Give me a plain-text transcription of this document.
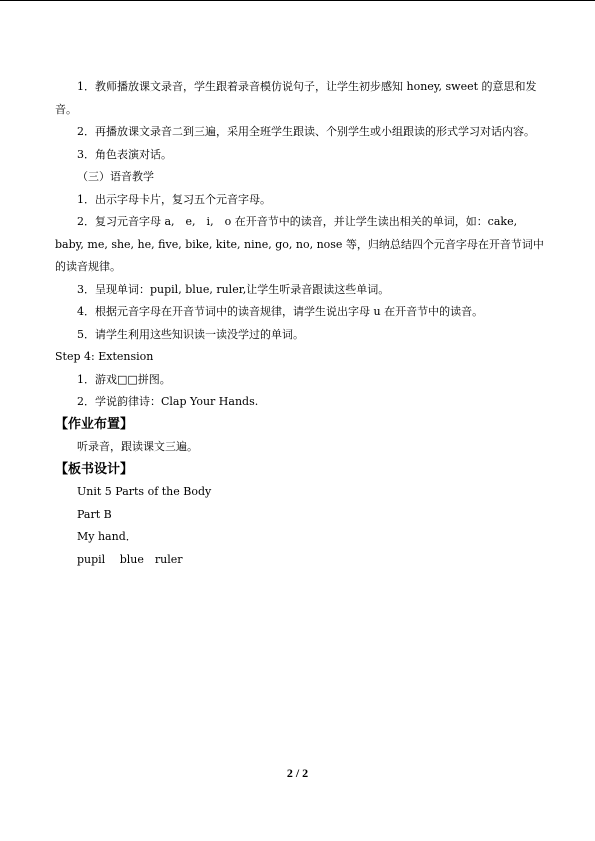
1．教师播放课文录音，学生跟着录音模仿说句子，让学生初步感知 honey, sweet 的意思和发音。

2．再播放课文录音二到三遍，采用全班学生跟读、个别学生或小组跟读的形式学习对话内容。

3．角色表演对话。

（三）语音教学

1．出示字母卡片，复习五个元音字母。

2．复习元音字母 a,　e,　i,　o 在开音节中的读音，并让学生读出相关的单词，如：cake, baby, me, she, he, five, bike, kite, nine, go, no, nose 等，归纳总结四个元音字母在开音节词中的读音规律。

3．呈现单词：pupil, blue, ruler,让学生听录音跟读这些单词。

4．根据元音字母在开音节词中的读音规律，请学生说出字母 u 在开音节中的读音。

5．请学生利用这些知识读一读没学过的单词。

Step 4: Extension

1．游戏□□拼图。

2．学说韵律诗：Clap Your Hands.

【作业布置】

听录音，跟读课文三遍。

【板书设计】

Unit 5 Parts of the Body

Part B

My hand．

pupil　 blue　ruler

2 / 2
